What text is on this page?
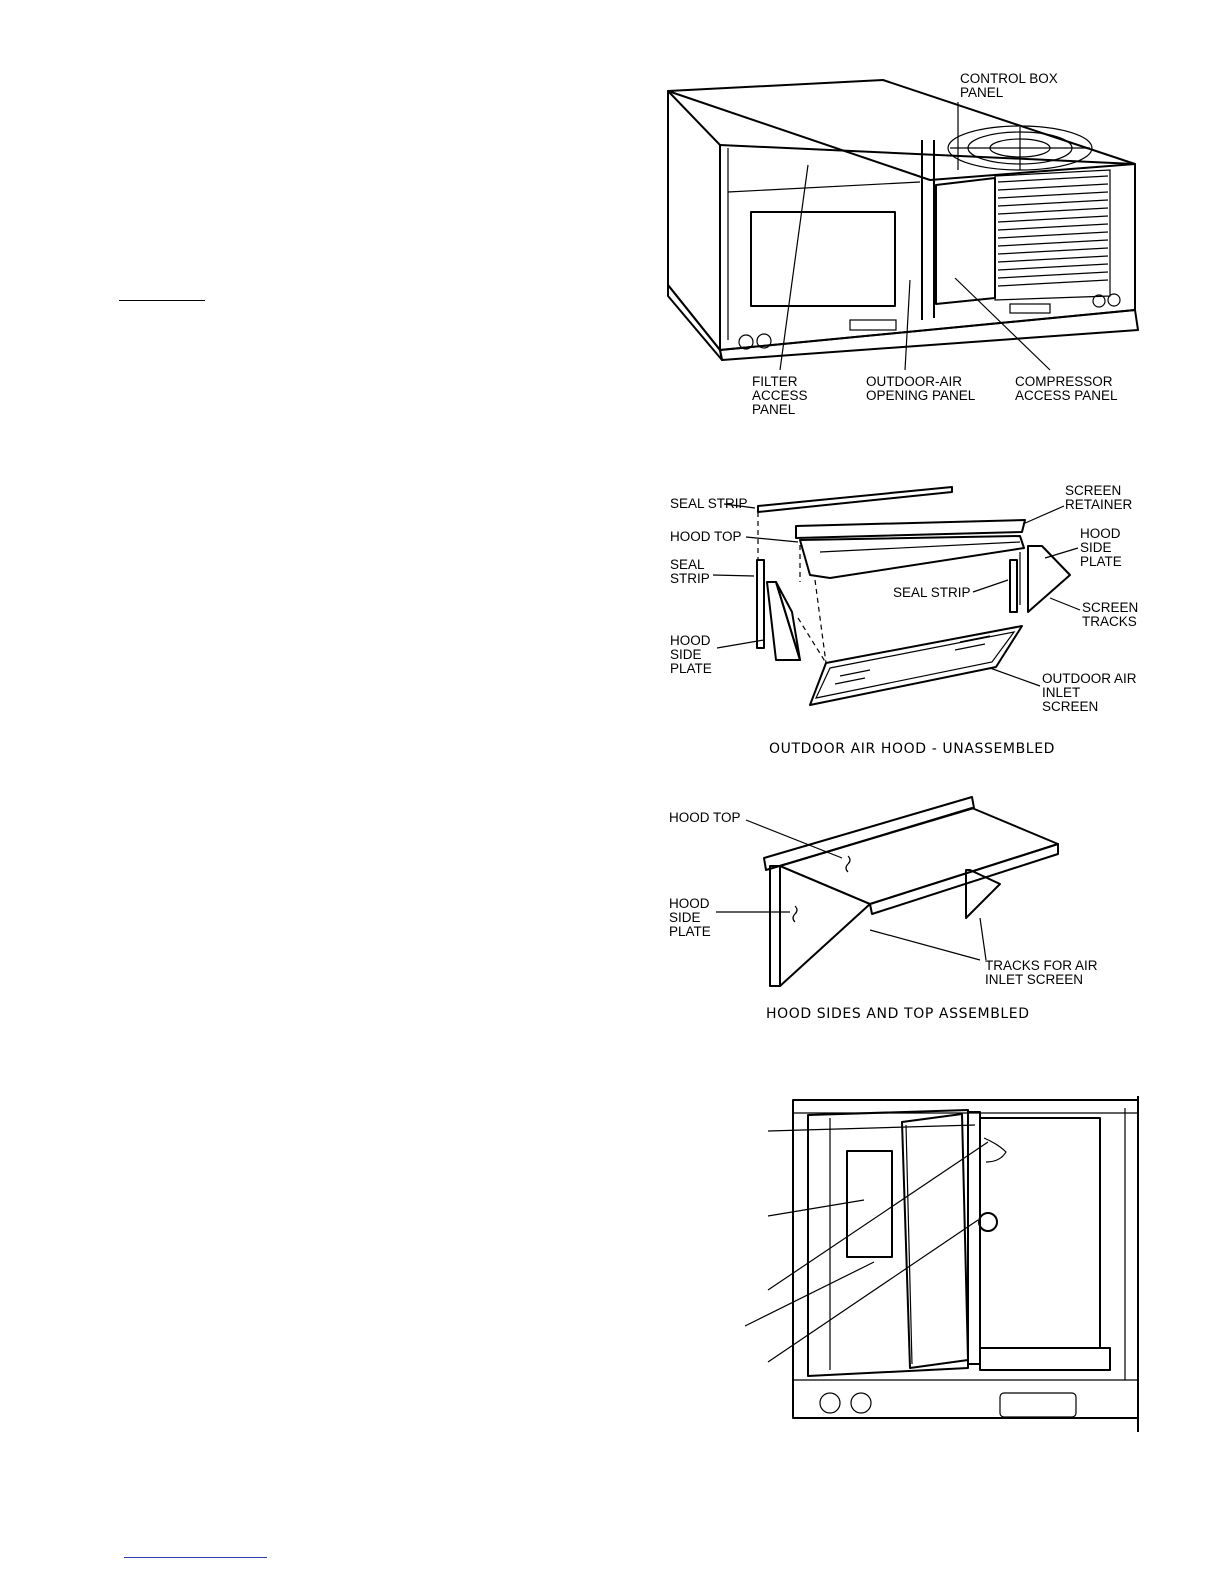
CONTROL BOX PANEL
FILTER ACCESS PANEL
OUTDOOR-AIR OPENING PANEL
COMPRESSOR ACCESS PANEL
SEAL STRIP
HOOD TOP
SEAL STRIP
HOOD SIDE PLATE
SCREEN RETAINER
HOOD SIDE PLATE
SEAL STRIP
SCREEN TRACKS
OUTDOOR AIR INLET SCREEN
OUTDOOR AIR HOOD - UNASSEMBLED
HOOD TOP
HOOD SIDE PLATE
TRACKS FOR AIR INLET SCREEN
HOOD SIDES AND TOP ASSEMBLED
